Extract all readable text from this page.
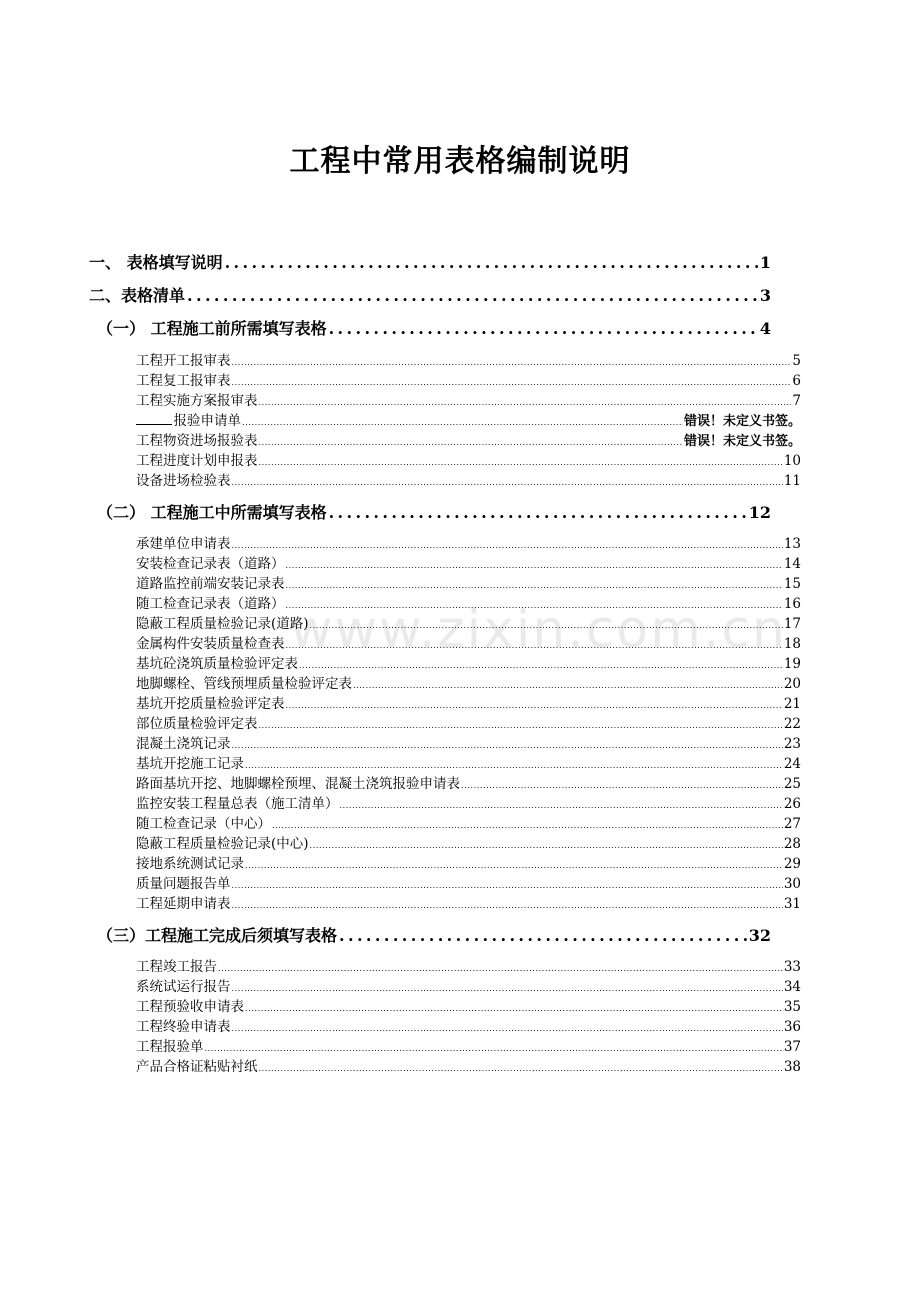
工程中常用表格编制说明
www.zixin.com.cn
一、 表格填写说明 .....	1
二、表格清单 .....	3
（一） 工程施工前所需填写表格 .....	4
工程开工报审表 .....	5
工程复工报审表 .....	6
工程实施方案报审表 .....	7
报验申请单 .....	错误！未定义书签。
工程物资进场报验表 .....	错误！未定义书签。
工程进度计划申报表 .....	10
设备进场检验表 .....	11
（二） 工程施工中所需填写表格 .....	12
承建单位申请表 .....	13
安装检查记录表（道路） .....	14
道路监控前端安装记录表 .....	15
随工检查记录表（道路） .....	16
隐蔽工程质量检验记录(道路) .....	17
金属构件安装质量检查表 .....	18
基坑砼浇筑质量检验评定表 .....	19
地脚螺栓、管线预埋质量检验评定表 .....	20
基坑开挖质量检验评定表 .....	21
部位质量检验评定表 .....	22
混凝土浇筑记录 .....	23
基坑开挖施工记录 .....	24
路面基坑开挖、地脚螺栓预埋、混凝土浇筑报验申请表 .....	25
监控安装工程量总表（施工清单） .....	26
随工检查记录（中心） .....	27
隐蔽工程质量检验记录(中心) .....	28
接地系统测试记录 .....	29
质量问题报告单 .....	30
工程延期申请表 .....	31
（三）工程施工完成后须填写表格 .....	32
工程竣工报告 .....	33
系统试运行报告 .....	34
工程预验收申请表 .....	35
工程终验申请表 .....	36
工程报验单 .....	37
产品合格证粘贴衬纸 .....	38
